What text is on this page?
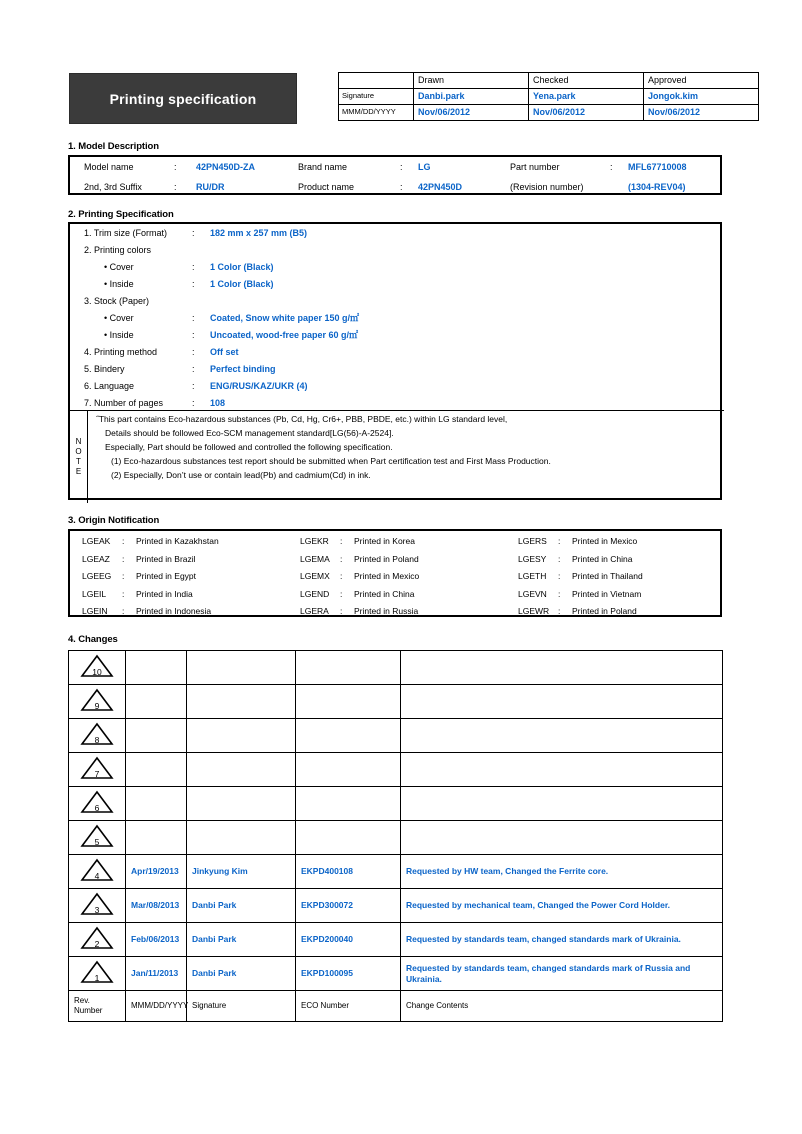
Printing specification
	Drawn	Checked	Approved
Signature	Danbi.park	Yena.park	Jongok.kim
MMM/DD/YYYY	Nov/06/2012	Nov/06/2012	Nov/06/2012
1. Model Description
Model name	: 42PN450D-ZA	Brand name	: LG	Part number	: MFL67710008
2nd, 3rd Suffix	: RU/DR	Product name	: 42PN450D	(Revision number)	(1304-REV04)
2. Printing Specification
1. Trim size (Format)	:	182 mm x 257 mm (B5)
2. Printing colors
• Cover	:	1 Color (Black)
• Inside	:	1 Color (Black)
3. Stock (Paper)
• Cover	:	Coated, Snow white paper 150 g/㎡
• Inside	:	Uncoated, wood-free paper 60 g/㎡
4. Printing method	:	Off set
5. Bindery	:	Perfect binding
6. Language	:	ENG/RUS/KAZ/UKR (4)
7. Number of pages	:	108
N
O
T
E
˝This part contains Eco-hazardous substances (Pb, Cd, Hg, Cr6+, PBB, PBDE, etc.) within LG standard level,
Details should be followed Eco-SCM management standard[LG(56)-A-2524].
Especially, Part should be followed and controlled the following specification.
(1) Eco-hazardous substances test report should be submitted when Part certification test and First Mass Production.
(2) Especially, Don’t use or contain lead(Pb) and cadmium(Cd) in ink.
3. Origin Notification
LGEAK	:	Printed in Kazakhstan	LGEKR	:	Printed in Korea	LGERS	:	Printed in Mexico
LGEAZ	:	Printed in Brazil	LGEMA	:	Printed in Poland	LGESY	:	Printed in China
LGEEG	:	Printed in Egypt	LGEMX	:	Printed in Mexico	LGETH	:	Printed in Thailand
LGEIL	:	Printed in India	LGEND	:	Printed in China	LGEVN	:	Printed in Vietnam
LGEIN	:	Printed in Indonesia	LGERA	:	Printed in Russia	LGEWR	:	Printed in Poland
4. Changes
10				

9				

8				

7				

6				

5				

4	Apr/19/2013	Jinkyung Kim	EKPD400108	Requested by HW team, Changed the Ferrite core.

3	Mar/08/2013	Danbi Park	EKPD300072	Requested by mechanical team, Changed the Power Cord Holder.

2	Feb/06/2013	Danbi Park	EKPD200040	Requested by standards team, changed standards mark of Ukrainia.

1	Jan/11/2013	Danbi Park	EKPD100095	Requested by standards team, changed standards mark of Russia and Ukrainia.
Rev. Number	MMM/DD/YYYY	Signature	ECO Number	Change Contents
